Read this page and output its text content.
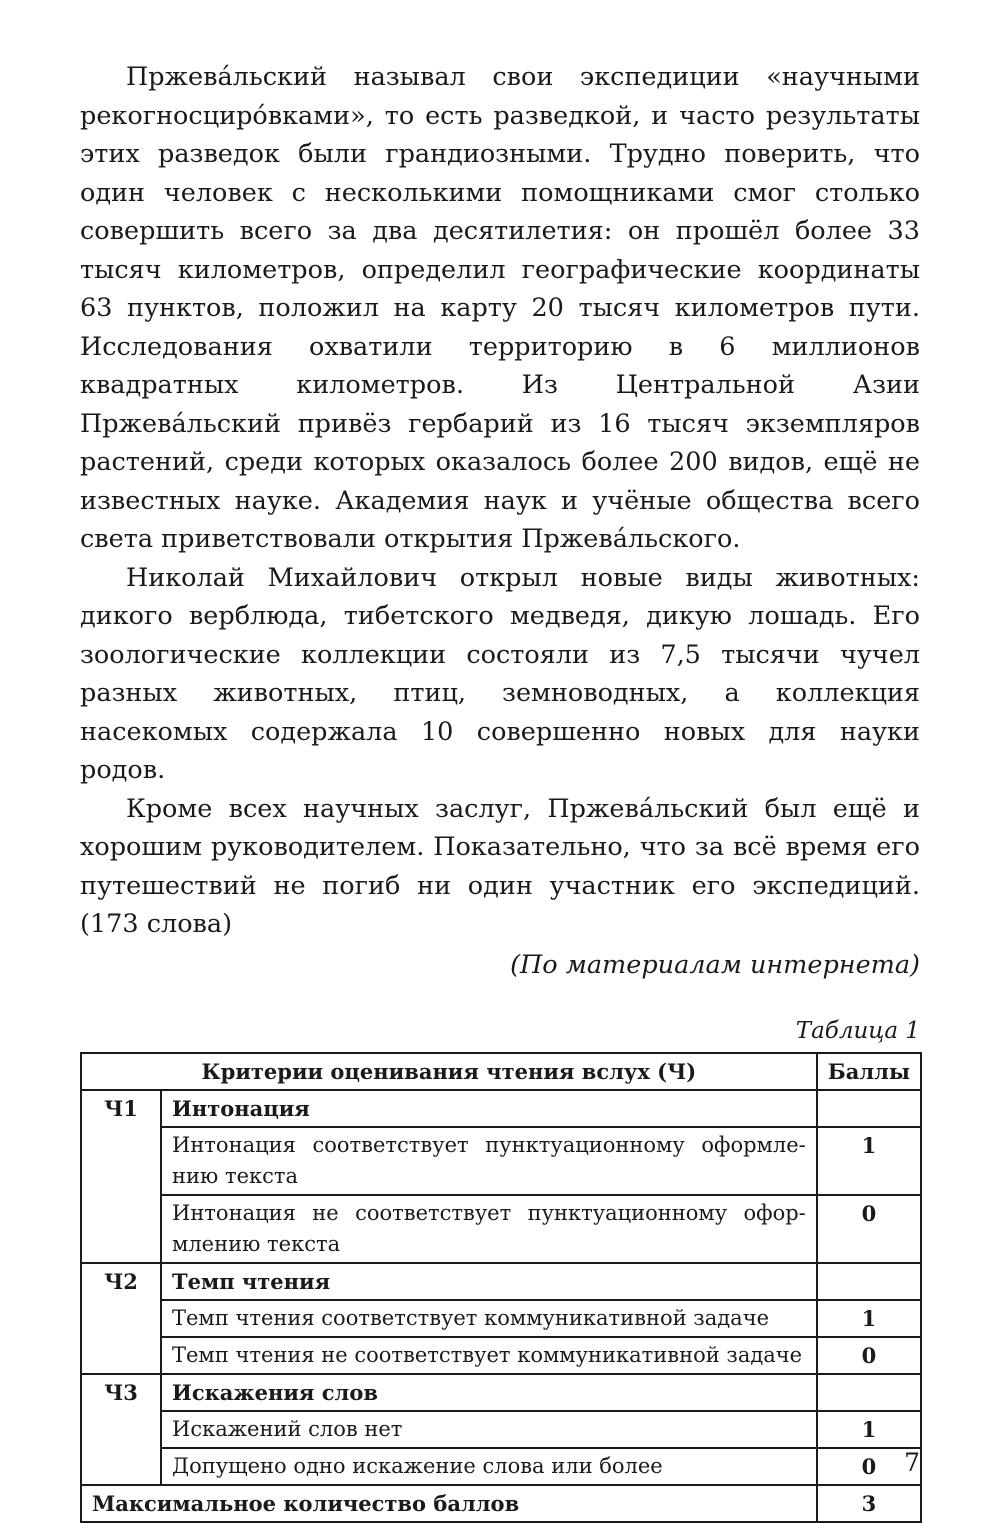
Пржева́льский называл свои экспедиции «научными рекогносциро́вками», то есть разведкой, и часто результаты этих разведок были грандиозными. Трудно поверить, что один человек с несколькими помощниками смог столько совершить всего за два десятилетия: он прошёл более 33 тысяч километров, определил географические координаты 63 пунктов, положил на карту 20 тысяч километров пути. Исследования охватили территорию в 6 миллионов квадратных километров. Из Центральной Азии Пржева́льский привёз гербарий из 16 тысяч экземпляров растений, среди которых оказалось более 200 видов, ещё не известных науке. Академия наук и учёные общества всего света приветствовали открытия Пржева́льского.

Николай Михайлович открыл новые виды животных: дикого верблюда, тибетского медведя, дикую лошадь. Его зоологические коллекции состояли из 7,5 тысячи чучел разных животных, птиц, земноводных, а коллекция насекомых содержала 10 совершенно новых для науки родов.

Кроме всех научных заслуг, Пржева́льский был ещё и хорошим руководителем. Показательно, что за всё время его путешествий не погиб ни один участник его экспедиций. (173 слова)

(По материалам интернета)
Таблица 1
Критерии оценивания чтения вслух (Ч)		Баллы
Ч1	Интонация	
	Интонация соответствует пунктуационному оформлению текста	1
	Интонация не соответствует пунктуационному оформлению текста	0
Ч2	Темп чтения	
	Темп чтения соответствует коммуникативной задаче	1
	Темп чтения не соответствует коммуникативной задаче	0
Ч3	Искажения слов	
	Искажений слов нет	1
	Допущено одно искажение слова или более	0
Максимальное количество баллов		3
7
